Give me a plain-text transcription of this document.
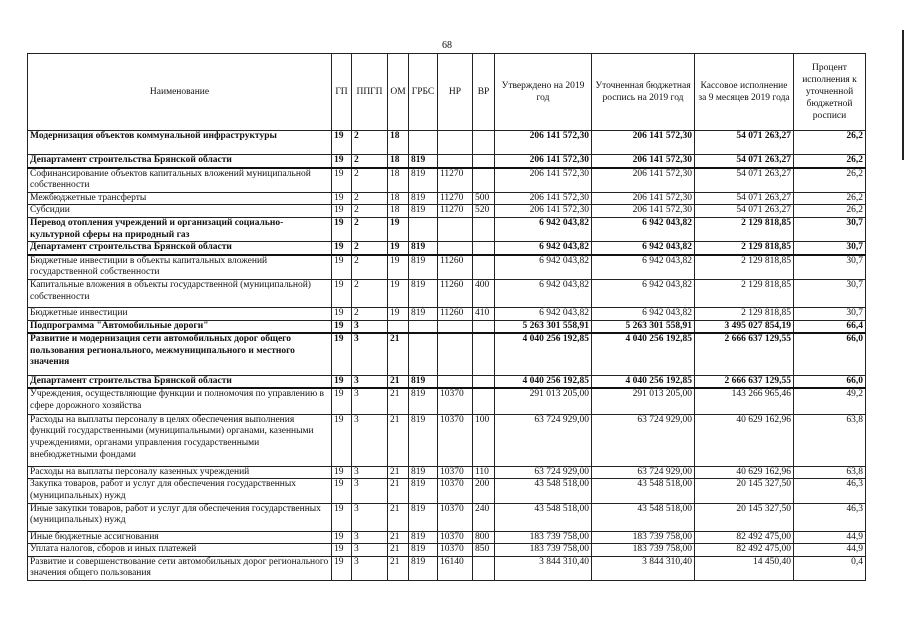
68
Наименование	ГП	ППГП	ОМ	ГРБС	НР	ВР	Утверждено на 2019 год	Уточненная бюджетная роспись на 2019 год	Кассовое исполнение за 9 месяцев 2019 года	Процент исполнения к уточненной бюджетной росписи
Модернизация объектов коммунальной инфраструктуры	19	2	18				206 141 572,30	206 141 572,30	54 071 263,27	26,2
Департамент строительства Брянской области	19	2	18	819			206 141 572,30	206 141 572,30	54 071 263,27	26,2
Софинансирование объектов капитальных вложений муниципальной собственности	19	2	18	819	11270		206 141 572,30	206 141 572,30	54 071 263,27	26,2
Межбюджетные трансферты	19	2	18	819	11270	500	206 141 572,30	206 141 572,30	54 071 263,27	26,2
Субсидии	19	2	18	819	11270	520	206 141 572,30	206 141 572,30	54 071 263,27	26,2
Перевод отопления учреждений и организаций социально-культурной сферы на природный газ	19	2	19				6 942 043,82	6 942 043,82	2 129 818,85	30,7
Департамент строительства Брянской области	19	2	19	819			6 942 043,82	6 942 043,82	2 129 818,85	30,7
Бюджетные инвестиции в объекты капитальных вложений государственной собственности	19	2	19	819	11260		6 942 043,82	6 942 043,82	2 129 818,85	30,7
Капитальные вложения в объекты государственной (муниципальной) собственности	19	2	19	819	11260	400	6 942 043,82	6 942 043,82	2 129 818,85	30,7
Бюджетные инвестиции	19	2	19	819	11260	410	6 942 043,82	6 942 043,82	2 129 818,85	30,7
Подпрограмма "Автомобильные дороги"	19	3					5 263 301 558,91	5 263 301 558,91	3 495 027 854,19	66,4
Развитие и модернизация сети автомобильных дорог общего пользования регионального, межмуниципального и местного значения	19	3	21				4 040 256 192,85	4 040 256 192,85	2 666 637 129,55	66,0
Департамент строительства Брянской области	19	3	21	819			4 040 256 192,85	4 040 256 192,85	2 666 637 129,55	66,0
Учреждения, осуществляющие функции и полномочия по управлению в сфере дорожного хозяйства	19	3	21	819	10370		291 013 205,00	291 013 205,00	143 266 965,46	49,2
Расходы на выплаты персоналу в целях обеспечения выполнения функций государственными (муниципальными) органами, казенными учреждениями, органами управления государственными внебюджетными фондами	19	3	21	819	10370	100	63 724 929,00	63 724 929,00	40 629 162,96	63,8
Расходы на выплаты персоналу казенных учреждений	19	3	21	819	10370	110	63 724 929,00	63 724 929,00	40 629 162,96	63,8
Закупка товаров, работ и услуг для обеспечения государственных (муниципальных) нужд	19	3	21	819	10370	200	43 548 518,00	43 548 518,00	20 145 327,50	46,3
Иные закупки товаров, работ и услуг для обеспечения государственных (муниципальных) нужд	19	3	21	819	10370	240	43 548 518,00	43 548 518,00	20 145 327,50	46,3
Иные бюджетные ассигнования	19	3	21	819	10370	800	183 739 758,00	183 739 758,00	82 492 475,00	44,9
Уплата налогов, сборов и иных платежей	19	3	21	819	10370	850	183 739 758,00	183 739 758,00	82 492 475,00	44,9
Развитие и совершенствование сети автомобильных дорог регионального значения общего пользования	19	3	21	819	16140		3 844 310,40	3 844 310,40	14 450,40	0,4
